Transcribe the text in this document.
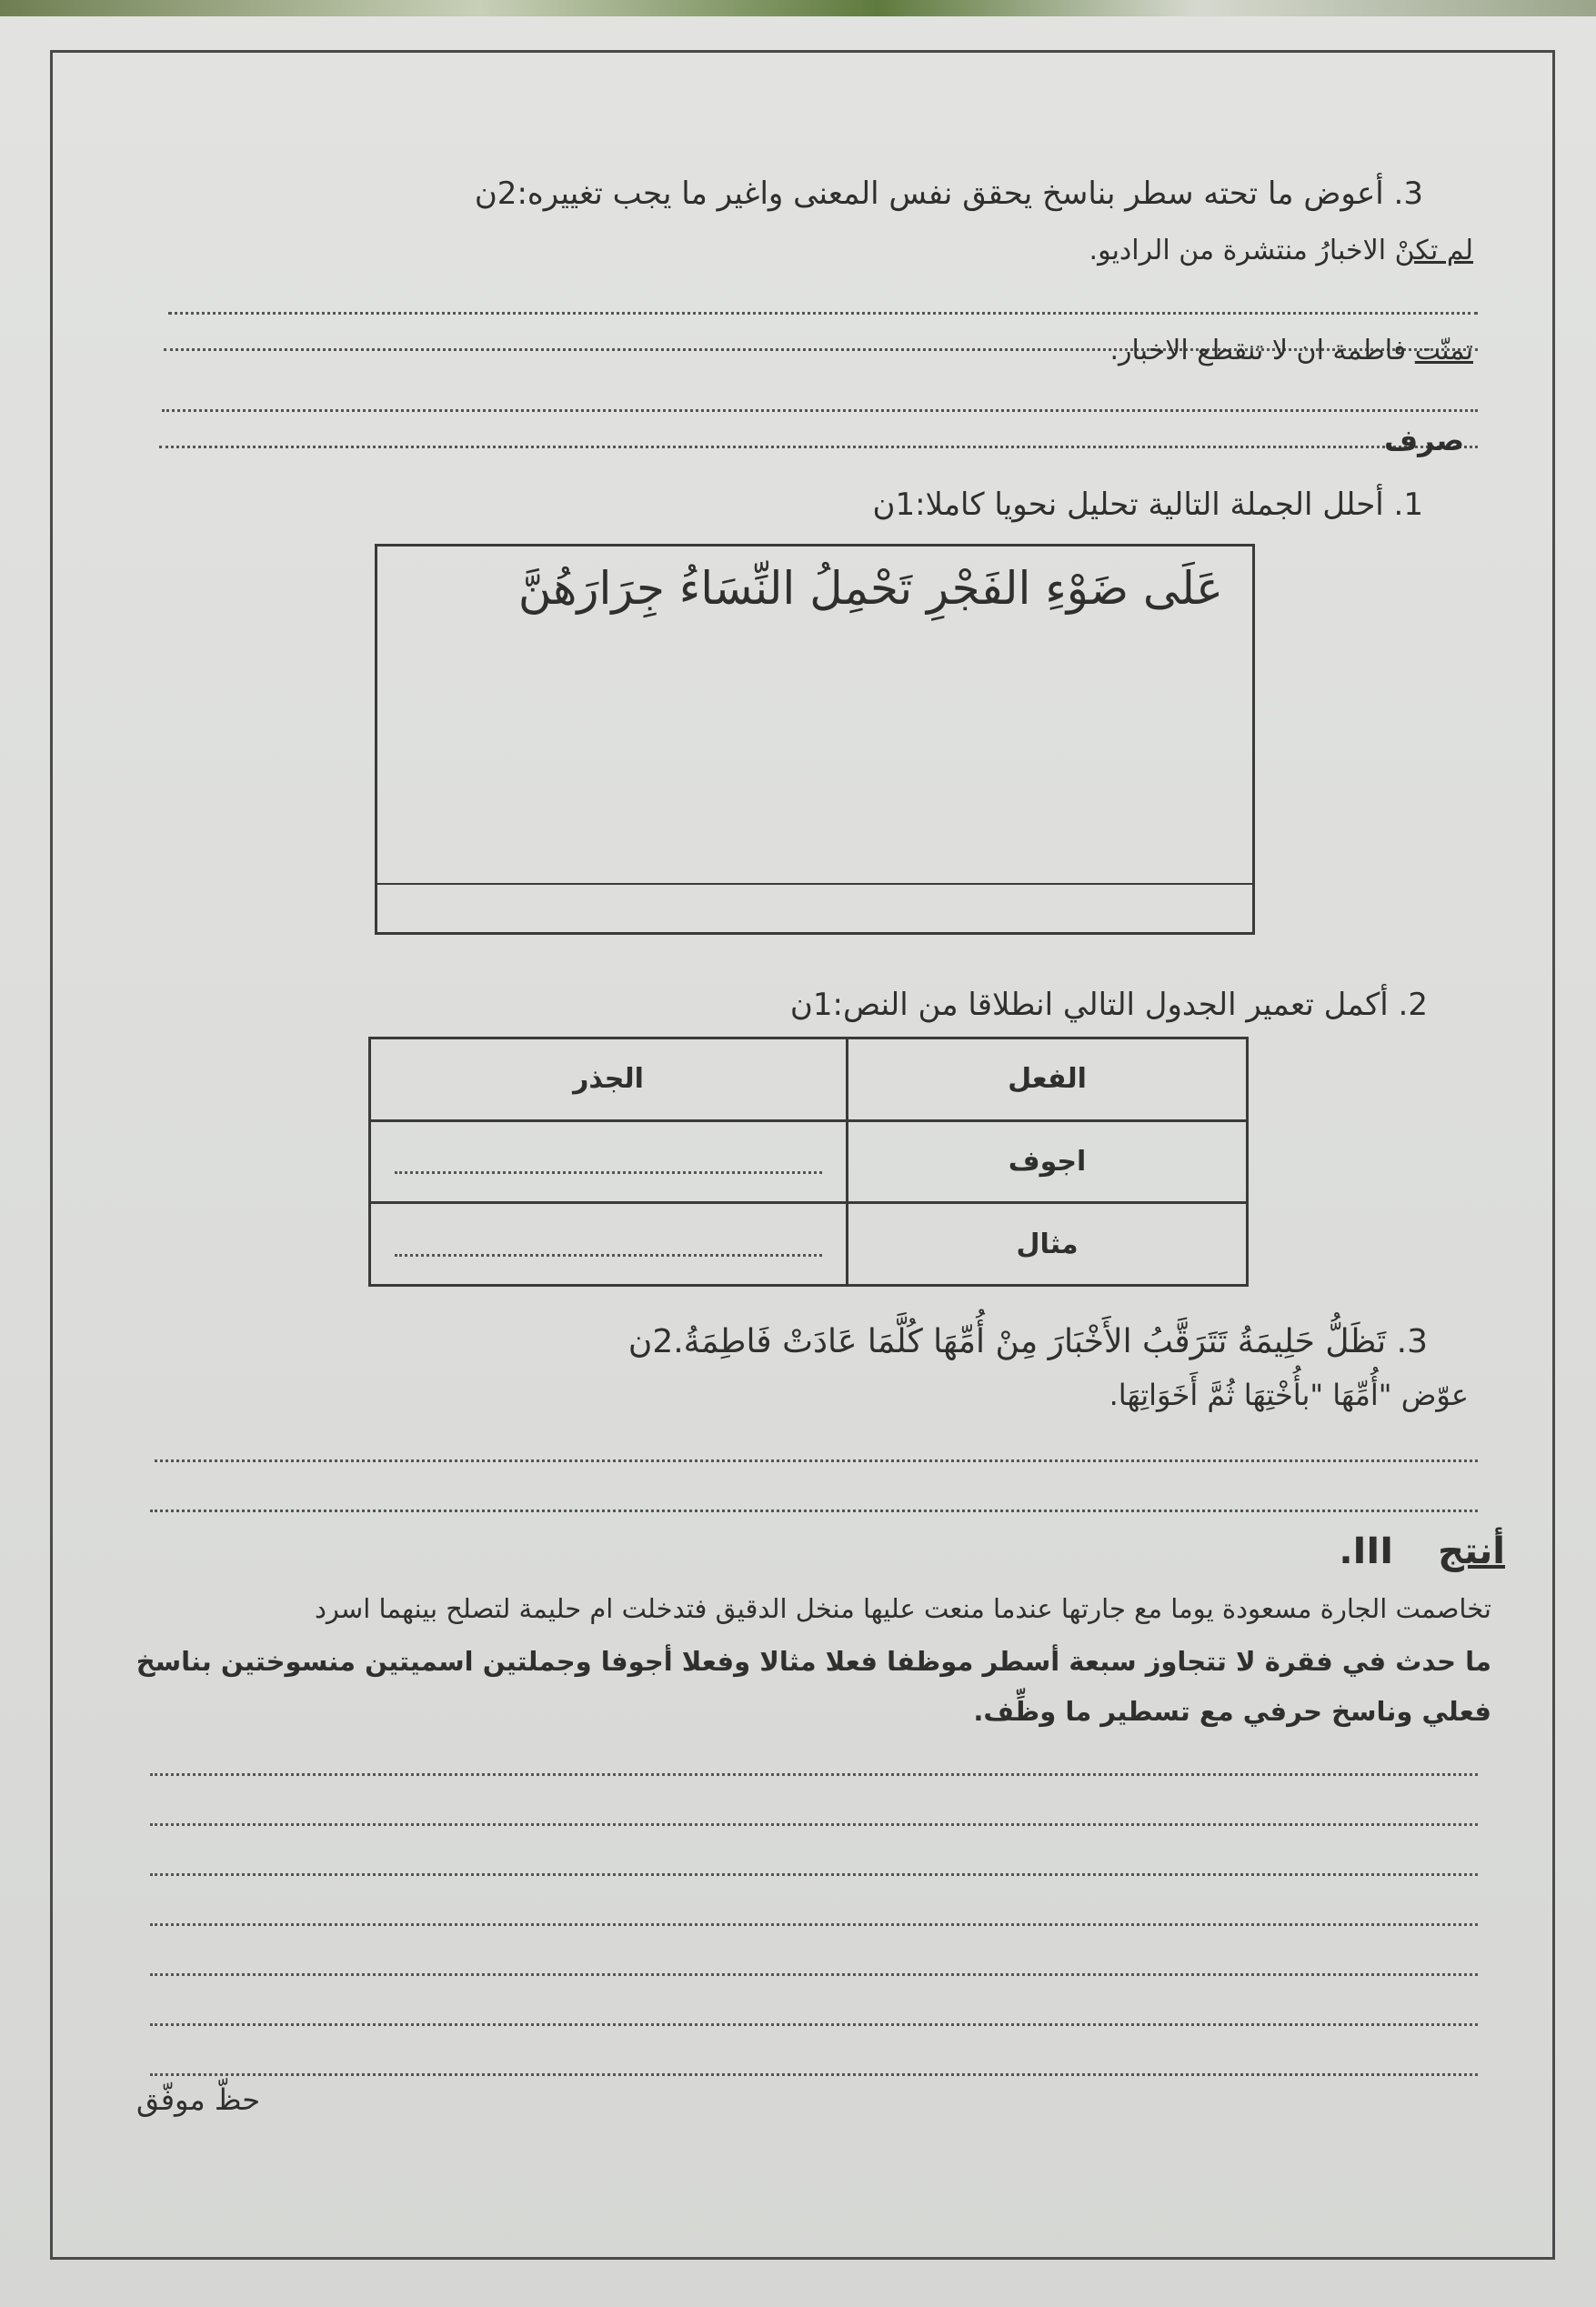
3. أعوض ما تحته سطر بناسخ يحقق نفس المعنى واغير ما يجب تغييره:2ن
لم تكنْ الاخبارُ منتشرة من الراديو.
تمنّت فاطمة ان لا تنقطع الاخبار.
صرف
1. أحلل الجملة التالية تحليل نحويا كاملا:1ن
عَلَى ضَوْءِ الفَجْرِ تَحْمِلُ النِّسَاءُ جِرَارَهُنَّ
2. أكمل تعمير الجدول التالي انطلاقا من النص:1ن
الفعل	الجذر
اجوف	
مثال	
3. تَظَلُّ حَلِيمَةُ تَتَرَقَّبُ الأَخْبَارَ مِنْ أُمِّهَا كُلَّمَا عَادَتْ فَاطِمَةُ.2ن
عوّض "أُمِّهَا "بأُخْتِهَا ثُمَّ أَخَوَاتِهَا.
أنتج III.
تخاصمت الجارة مسعودة يوما مع جارتها عندما منعت عليها منخل الدقيق فتدخلت ام حليمة لتصلح بينهما اسرد
ما حدث في فقرة لا تتجاوز سبعة أسطر موظفا فعلا مثالا وفعلا أجوفا وجملتين اسميتين منسوختين بناسخ
فعلي وناسخ حرفي مع تسطير ما وظِّف.
حظّ موفّق
